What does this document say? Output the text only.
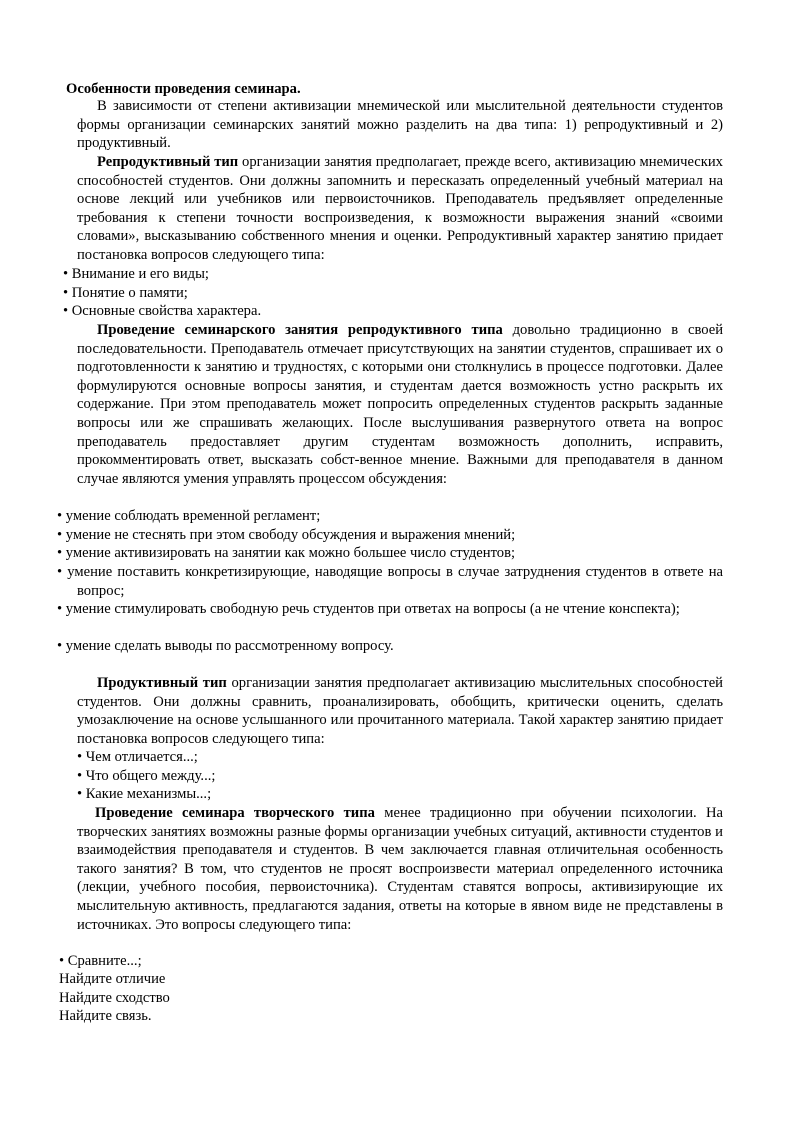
Особенности проведения семинара.
В зависимости от степени активизации мнемической или мыслительной деятельности студентов формы организации семинарских занятий можно разделить на два типа: 1) репродуктивный и 2) продуктивный.
Репродуктивный тип организации занятия предполагает, прежде всего, активизацию мнемических способностей студентов. Они должны запомнить и пересказать определенный учебный материал на основе лекций или учебников или первоисточников. Преподаватель предъявляет определенные требования к степени точности воспроизведения, к возможности выражения знаний «своими словами», высказыванию собственного мнения и оценки. Репродуктивный характер занятию придает постановка вопросов следующего типа:
• Внимание и его виды;
• Понятие о памяти;
• Основные свойства характера.
Проведение семинарского занятия репродуктивного типа довольно традиционно в своей последовательности. Преподаватель отмечает присутствующих на занятии студентов, спрашивает их о подготовленности к занятию и трудностях, с которыми они столкнулись в процессе подготовки. Далее формулируются основные вопросы занятия, и студентам дается возможность устно раскрыть их содержание. При этом преподаватель может попросить определенных студентов раскрыть заданные вопросы или же спрашивать желающих. После выслушивания развернутого ответа на вопрос преподаватель предоставляет другим студентам возможность дополнить, исправить, прокомментировать ответ, высказать собст-венное мнение. Важными для преподавателя в данном случае являются умения управлять процессом обсуждения:
• умение соблюдать временной регламент;
• умение не стеснять при этом свободу обсуждения и выражения мнений;
• умение активизировать на занятии как можно большее число студентов;
• умение поставить конкретизирующие, наводящие вопросы в случае затруднения студентов в ответе на вопрос;
• умение стимулировать свободную речь студентов при ответах на вопросы (а не чтение конспекта);
• умение сделать выводы по рассмотренному вопросу.
Продуктивный тип организации занятия предполагает активизацию мыслительных способностей студентов. Они должны сравнить, проанализировать, обобщить, критически оценить, сделать умозаключение на основе услышанного или прочитанного материала. Такой характер занятию придает постановка вопросов следующего типа:
• Чем отличается...;
• Что общего между...;
• Какие механизмы...;
Проведение семинара творческого типа менее традиционно при обучении психологии. На творческих занятиях возможны разные формы организации учебных ситуаций, активности студентов и взаимодействия преподавателя и студентов. В чем заключается главная отличительная особенность такого занятия? В том, что студентов не просят воспроизвести материал определенного источника (лекции, учебного пособия, первоисточника). Студентам ставятся вопросы, активизирующие их мыслительную активность, предлагаются задания, ответы на которые в явном виде не представлены в источниках. Это вопросы следующего типа:
• Сравните...;
Найдите отличие
Найдите сходство
Найдите связь.
